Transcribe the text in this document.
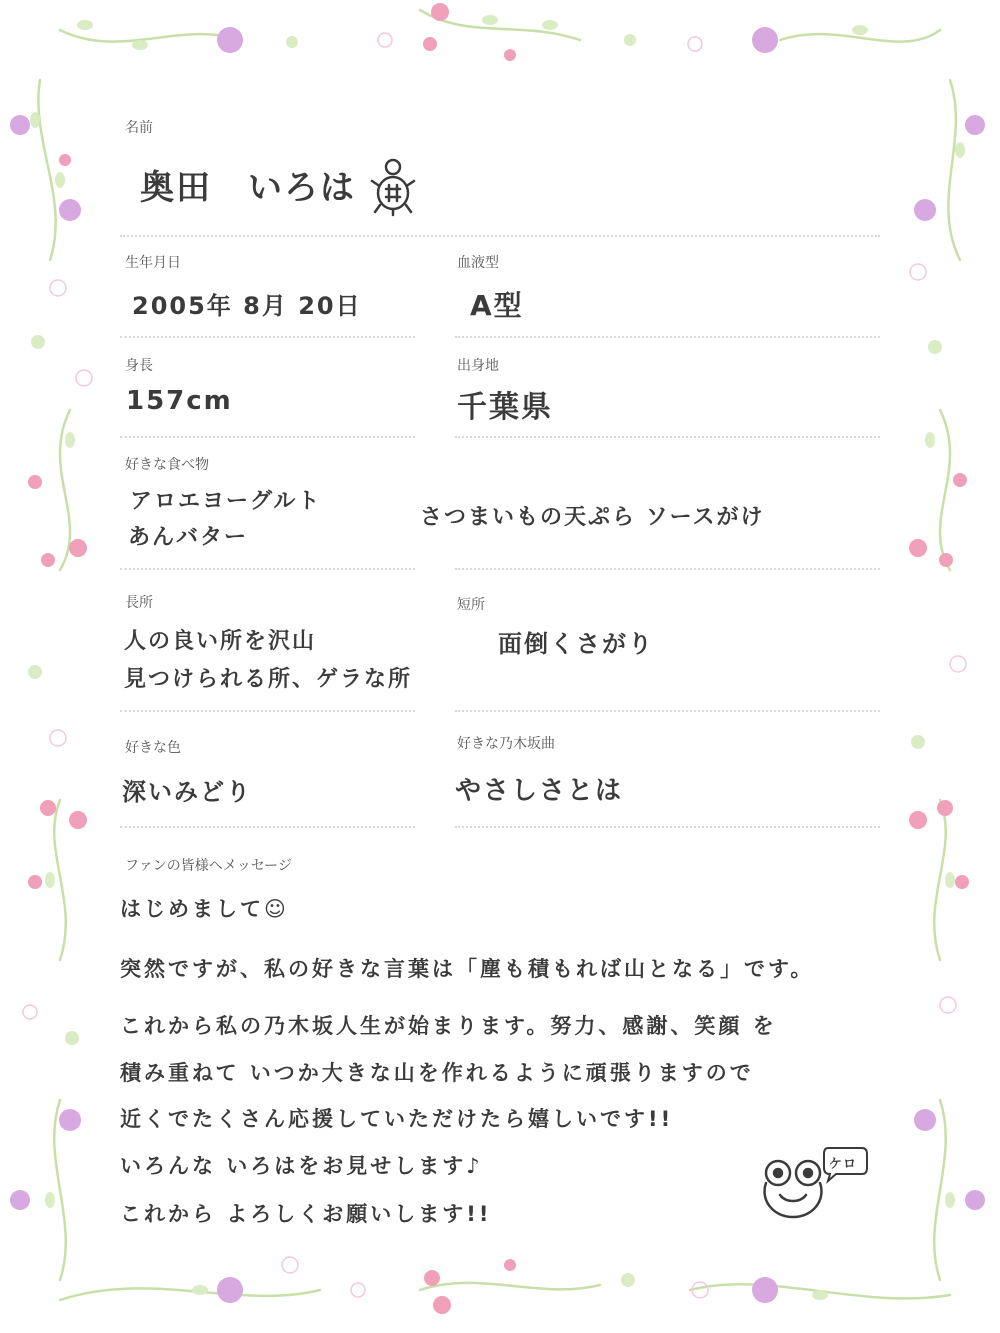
名前
奥田　いろは
生年月日
2005年 8月 20日
血液型
A型
身長
157cm
出身地
千葉県
好きな食べ物
アロエヨーグルト
あんバター
さつまいもの天ぷら ソースがけ
長所
人の良い所を沢山
見つけられる所、ゲラな所
短所
面倒くさがり
好きな色
深いみどり
好きな乃木坂曲
やさしさとは
ファンの皆様へメッセージ
はじめまして☺
突然ですが、私の好きな言葉は「塵も積もれば山となる」です。
これから私の乃木坂人生が始まります。努力、感謝、笑顔 を
積み重ねて いつか大きな山を作れるように頑張りますので
近くでたくさん応援していただけたら嬉しいです!!
いろんな いろはをお見せします♪
これから よろしくお願いします!!
ケロ
